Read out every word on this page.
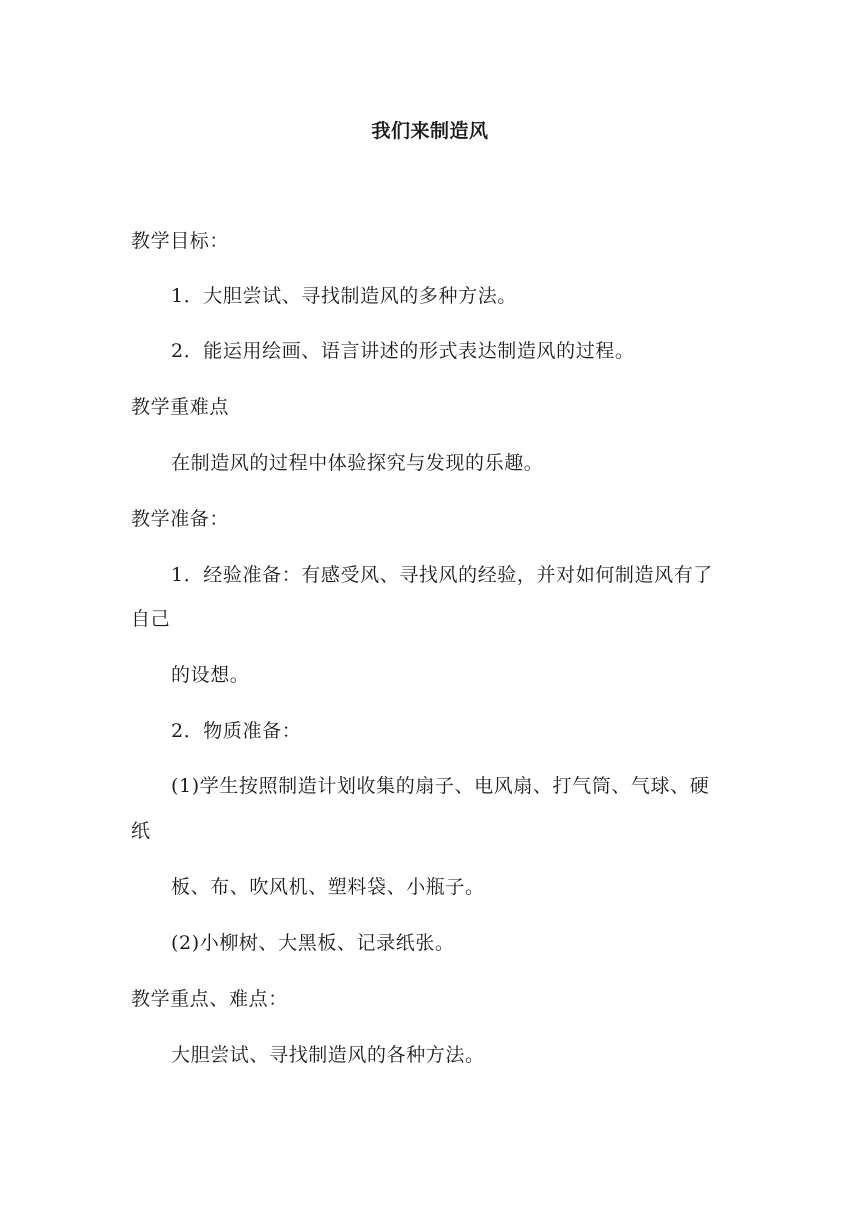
我们来制造风
教学目标：
1．大胆尝试、寻找制造风的多种方法。
2．能运用绘画、语言讲述的形式表达制造风的过程。
教学重难点
在制造风的过程中体验探究与发现的乐趣。
教学准备：
1．经验准备：有感受风、寻找风的经验，并对如何制造风有了
自己
的设想。
2．物质准备：
(1)学生按照制造计划收集的扇子、电风扇、打气筒、气球、硬
纸
板、布、吹风机、塑料袋、小瓶子。
(2)小柳树、大黑板、记录纸张。
教学重点、难点：
大胆尝试、寻找制造风的各种方法。
